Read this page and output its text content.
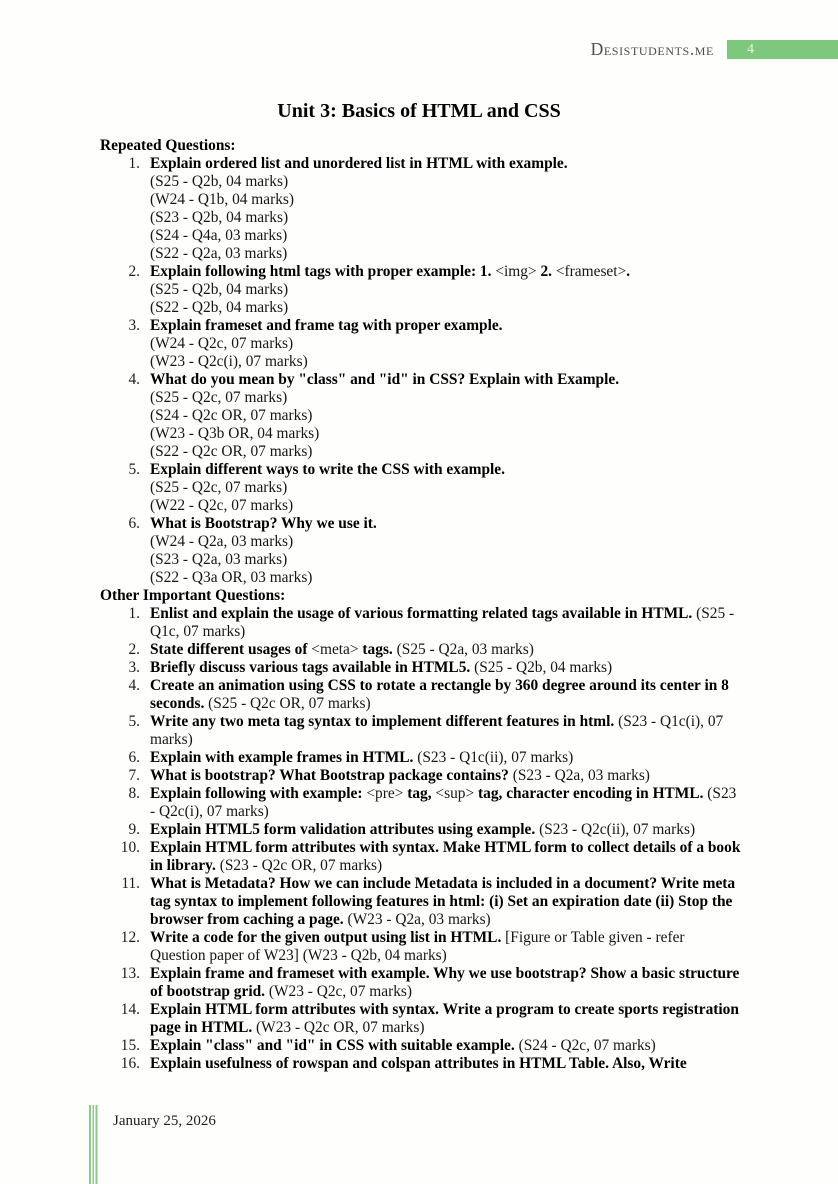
Desistudents.me	4
Unit 3: Basics of HTML and CSS
Repeated Questions:
1. Explain ordered list and unordered list in HTML with example.
(S25 - Q2b, 04 marks)
(W24 - Q1b, 04 marks)
(S23 - Q2b, 04 marks)
(S24 - Q4a, 03 marks)
(S22 - Q2a, 03 marks)
2. Explain following html tags with proper example: 1. <img> 2. <frameset>.
(S25 - Q2b, 04 marks)
(S22 - Q2b, 04 marks)
3. Explain frameset and frame tag with proper example.
(W24 - Q2c, 07 marks)
(W23 - Q2c(i), 07 marks)
4. What do you mean by "class" and "id" in CSS? Explain with Example.
(S25 - Q2c, 07 marks)
(S24 - Q2c OR, 07 marks)
(W23 - Q3b OR, 04 marks)
(S22 - Q2c OR, 07 marks)
5. Explain different ways to write the CSS with example.
(S25 - Q2c, 07 marks)
(W22 - Q2c, 07 marks)
6. What is Bootstrap? Why we use it.
(W24 - Q2a, 03 marks)
(S23 - Q2a, 03 marks)
(S22 - Q3a OR, 03 marks)
Other Important Questions:
1. Enlist and explain the usage of various formatting related tags available in HTML. (S25 - Q1c, 07 marks)
2. State different usages of <meta> tags. (S25 - Q2a, 03 marks)
3. Briefly discuss various tags available in HTML5. (S25 - Q2b, 04 marks)
4. Create an animation using CSS to rotate a rectangle by 360 degree around its center in 8 seconds. (S25 - Q2c OR, 07 marks)
5. Write any two meta tag syntax to implement different features in html. (S23 - Q1c(i), 07 marks)
6. Explain with example frames in HTML. (S23 - Q1c(ii), 07 marks)
7. What is bootstrap? What Bootstrap package contains? (S23 - Q2a, 03 marks)
8. Explain following with example: <pre> tag, <sup> tag, character encoding in HTML. (S23 - Q2c(i), 07 marks)
9. Explain HTML5 form validation attributes using example. (S23 - Q2c(ii), 07 marks)
10. Explain HTML form attributes with syntax. Make HTML form to collect details of a book in library. (S23 - Q2c OR, 07 marks)
11. What is Metadata? How we can include Metadata is included in a document? Write meta tag syntax to implement following features in html: (i) Set an expiration date (ii) Stop the browser from caching a page. (W23 - Q2a, 03 marks)
12. Write a code for the given output using list in HTML. [Figure or Table given - refer Question paper of W23] (W23 - Q2b, 04 marks)
13. Explain frame and frameset with example. Why we use bootstrap? Show a basic structure of bootstrap grid. (W23 - Q2c, 07 marks)
14. Explain HTML form attributes with syntax. Write a program to create sports registration page in HTML. (W23 - Q2c OR, 07 marks)
15. Explain "class" and "id" in CSS with suitable example. (S24 - Q2c, 07 marks)
16. Explain usefulness of rowspan and colspan attributes in HTML Table. Also, Write
January 25, 2026
